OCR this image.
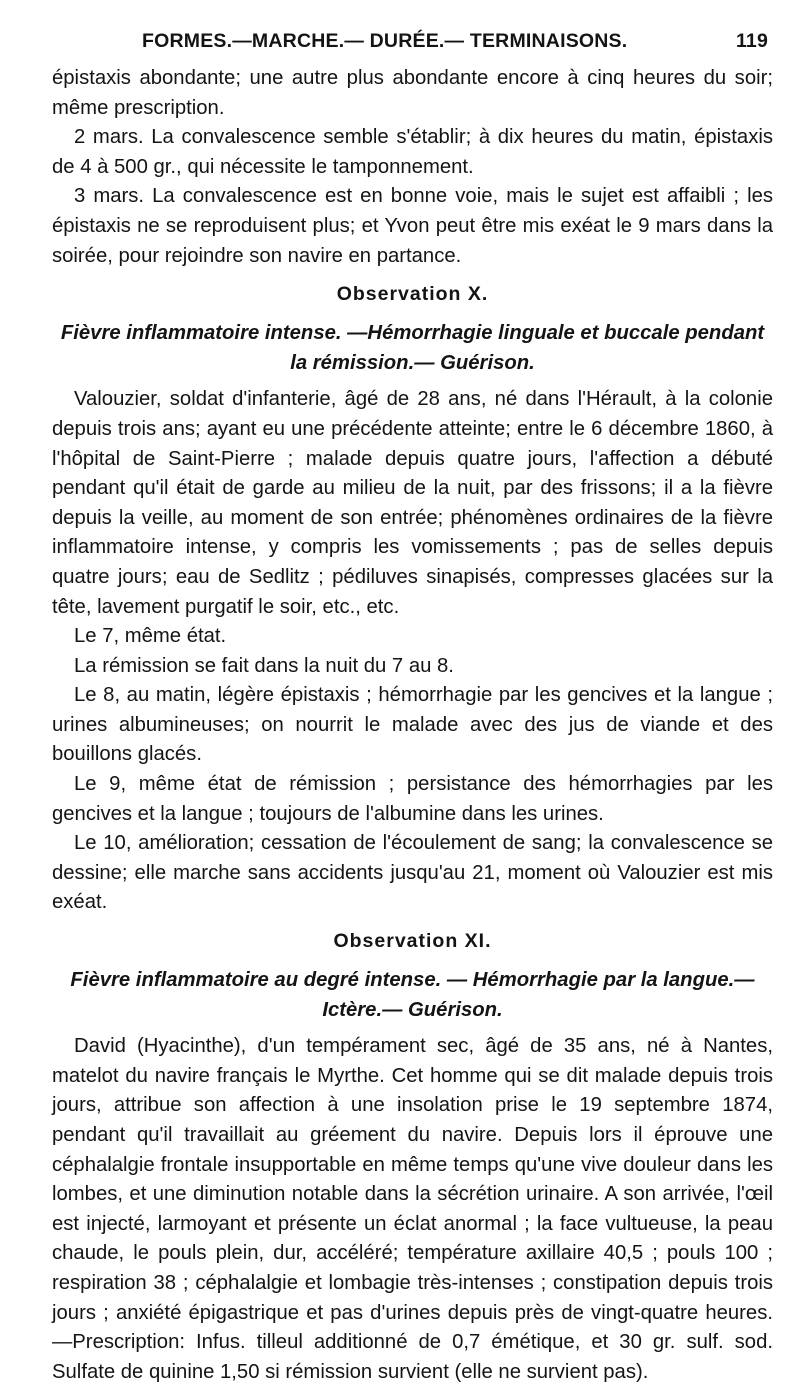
FORMES.—MARCHE.— DURÉE.— TERMINAISONS.	119

épistaxis abondante; une autre plus abondante encore à cinq heures du soir; même prescription.

2 mars. La convalescence semble s'établir; à dix heures du matin, épistaxis de 4 à 500 gr., qui nécessite le tamponnement.

3 mars. La convalescence est en bonne voie, mais le sujet est affaibli ; les épistaxis ne se reproduisent plus; et Yvon peut être mis exéat le 9 mars dans la soirée, pour rejoindre son navire en partance.

Observation X.
Fièvre inflammatoire intense. —Hémorrhagie linguale et buccale pendant la rémission.— Guérison.

Valouzier, soldat d'infanterie, âgé de 28 ans, né dans l'Hérault, à la colonie depuis trois ans; ayant eu une précédente atteinte; entre le 6 décembre 1860, à l'hôpital de Saint-Pierre ; malade depuis quatre jours, l'affection a débuté pendant qu'il était de garde au milieu de la nuit, par des frissons; il a la fièvre depuis la veille, au moment de son entrée; phénomènes ordinaires de la fièvre inflammatoire intense, y compris les vomissements ; pas de selles depuis quatre jours; eau de Sedlitz ; pédiluves sinapisés, compresses glacées sur la tête, lavement purgatif le soir, etc., etc.

Le 7, même état.

La rémission se fait dans la nuit du 7 au 8.

Le 8, au matin, légère épistaxis ; hémorrhagie par les gencives et la langue ; urines albumineuses; on nourrit le malade avec des jus de viande et des bouillons glacés.

Le 9, même état de rémission ; persistance des hémorrhagies par les gencives et la langue ; toujours de l'albumine dans les urines.

Le 10, amélioration; cessation de l'écoulement de sang; la convalescence se dessine; elle marche sans accidents jusqu'au 21, moment où Valouzier est mis exéat.

Observation XI.
Fièvre inflammatoire au degré intense. — Hémorrhagie par la langue.— Ictère.— Guérison.

David (Hyacinthe), d'un tempérament sec, âgé de 35 ans, né à Nantes, matelot du navire français le Myrthe. Cet homme qui se dit malade depuis trois jours, attribue son affection à une insolation prise le 19 septembre 1874, pendant qu'il travaillait au gréement du navire. Depuis lors il éprouve une céphalalgie frontale insupportable en même temps qu'une vive douleur dans les lombes, et une diminution notable dans la sécrétion urinaire. A son arrivée, l'œil est injecté, larmoyant et présente un éclat anormal ; la face vultueuse, la peau chaude, le pouls plein, dur, accéléré; température axillaire 40,5 ; pouls 100 ; respiration 38 ; céphalalgie et lombagie très-intenses ; constipation depuis trois jours ; anxiété épigastrique et pas d'urines depuis près de vingt-quatre heures.—Prescription: Infus. tilleul additionné de 0,7 émétique, et 30 gr. sulf. sod. Sulfate de quinine 1,50 si rémission survient (elle ne survient pas).
